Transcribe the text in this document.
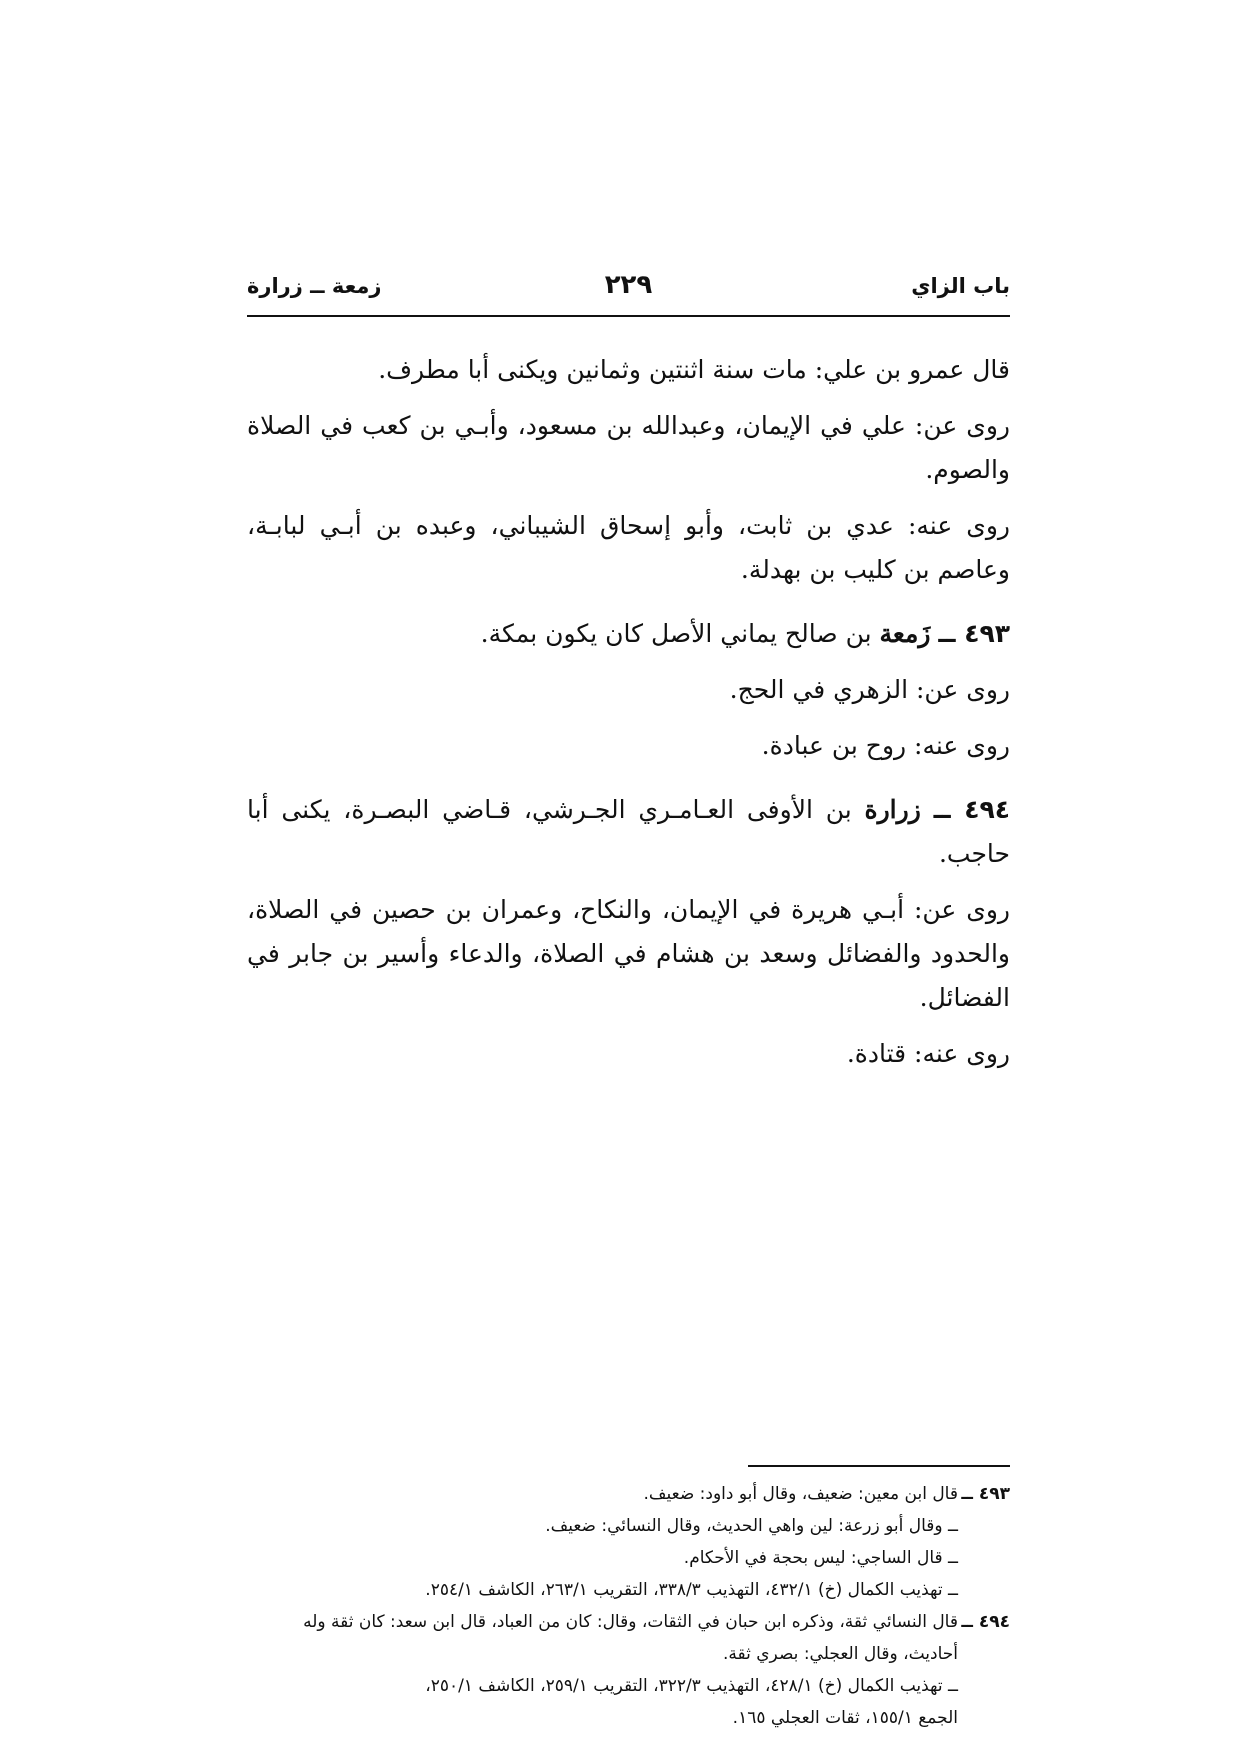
باب الزاي
٢٢٩
زمعة ــ زرارة

قال عمرو بن علي: مات سنة اثنتين وثمانين ويكنى أبا مطرف.

روى عن: علي في الإيمان، وعبدالله بن مسعود، وأبـي بن كعب في الصلاة والصوم.

روى عنه: عدي بن ثابت، وأبو إسحاق الشيباني، وعبده بن أبـي لبابـة، وعاصم بن كليب بن بهدلة.

٤٩٣ ــ زَمعة بن صالح يماني الأصل كان يكون بمكة.

روى عن: الزهري في الحج.

روى عنه: روح بن عبادة.

٤٩٤ ــ زرارة بن الأوفى العـامـري الجـرشي، قـاضي البصـرة، يكنى أبا حاجب.

روى عن: أبـي هريرة في الإيمان، والنكاح، وعمران بن حصين في الصلاة، والحدود والفضائل وسعد بن هشام في الصلاة، والدعاء وأسير بن جابر في الفضائل.

روى عنه: قتادة.

٤٩٣ ــقال ابن معين: ضعيف، وقال أبو داود: ضعيف.
ــ وقال أبو زرعة: لين واهي الحديث، وقال النسائي: ضعيف.
ــ قال الساجي: ليس بحجة في الأحكام.
ــ تهذيب الكمال (خ) ٤٣٢/١، التهذيب ٣٣٨/٣، التقريب ٢٦٣/١، الكاشف ٢٥٤/١.
٤٩٤ ــقال النسائي ثقة، وذكره ابن حبان في الثقات، وقال: كان من العباد، قال ابن سعد: كان ثقة وله
أحاديث، وقال العجلي: بصري ثقة.
ــ تهذيب الكمال (خ) ٤٢٨/١، التهذيب ٣٢٢/٣، التقريب ٢٥٩/١، الكاشف ٢٥٠/١،
الجمع ١٥٥/١، ثقات العجلي ١٦٥.
